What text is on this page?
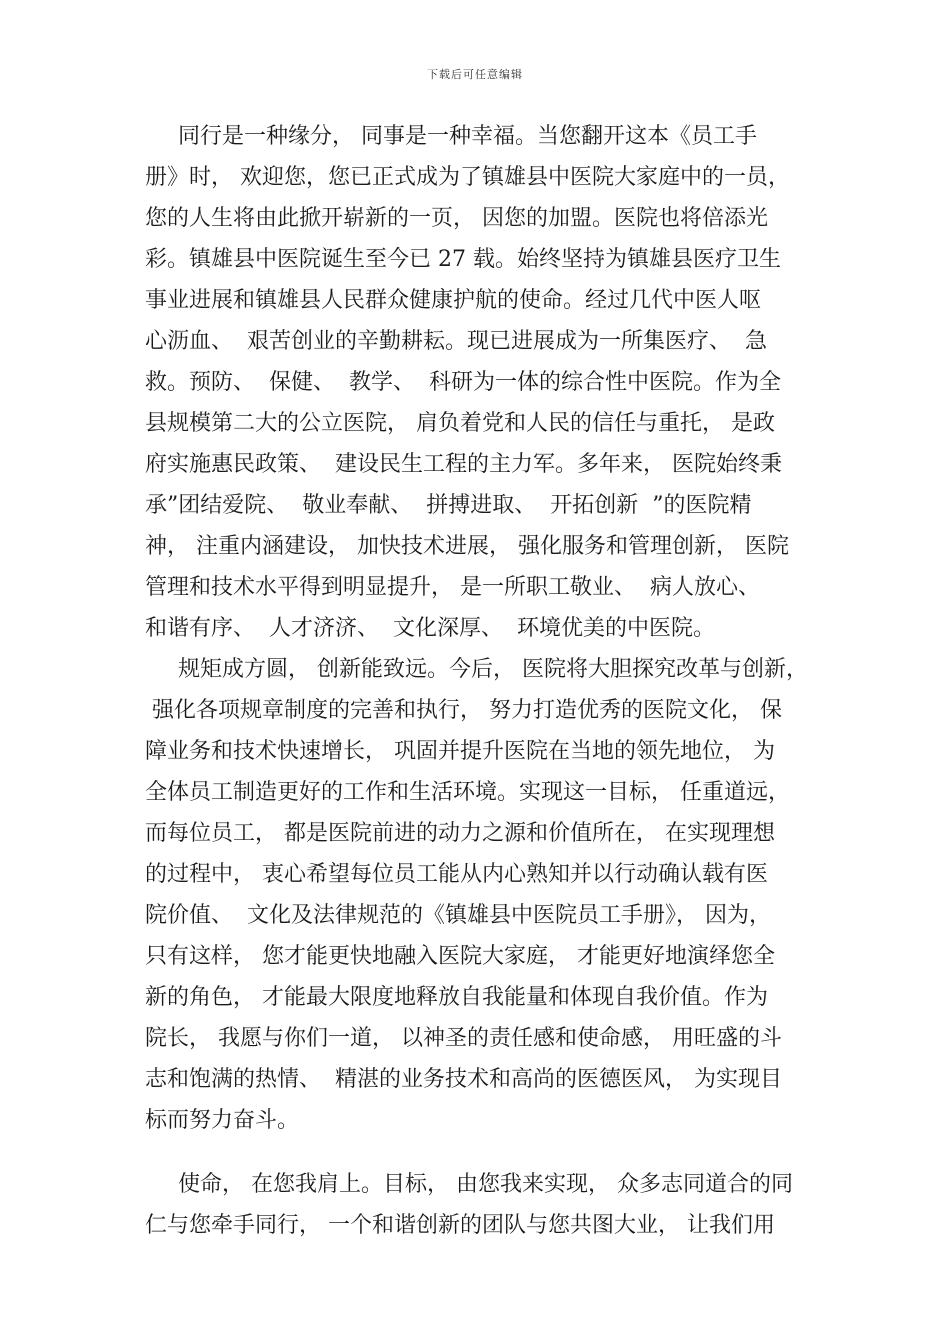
下载后可任意编辑
同行是一种缘分， 同事是一种幸福。当您翻开这本《员工手
册》时， 欢迎您，您已正式成为了镇雄县中医院大家庭中的一员，
您的人生将由此掀开崭新的一页， 因您的加盟。医院也将倍添光
彩。镇雄县中医院诞生至今已 27 载。始终坚持为镇雄县医疗卫生
事业进展和镇雄县人民群众健康护航的使命。经过几代中医人呕
心沥血、  艰苦创业的辛勤耕耘。现已进展成为一所集医疗、  急
救。预防、  保健、  教学、  科研为一体的综合性中医院。作为全
县规模第二大的公立医院， 肩负着党和人民的信任与重托， 是政
府实施惠民政策、  建设民生工程的主力军。多年来， 医院始终秉
承”团结爱院、  敬业奉献、  拼搏进取、  开拓创新  ”的医院精
神， 注重内涵建设， 加快技术进展， 强化服务和管理创新， 医院
管理和技术水平得到明显提升， 是一所职工敬业、  病人放心、
和谐有序、  人才济济、  文化深厚、  环境优美的中医院。
规矩成方圆， 创新能致远。今后， 医院将大胆探究改革与创新，
强化各项规章制度的完善和执行， 努力打造优秀的医院文化， 保
障业务和技术快速增长， 巩固并提升医院在当地的领先地位， 为
全体员工制造更好的工作和生活环境。实现这一目标， 任重道远，
而每位员工， 都是医院前进的动力之源和价值所在， 在实现理想
的过程中， 衷心希望每位员工能从内心熟知并以行动确认载有医
院价值、  文化及法律规范的《镇雄县中医院员工手册》， 因为，
只有这样， 您才能更快地融入医院大家庭， 才能更好地演绎您全
新的角色， 才能最大限度地释放自我能量和体现自我价值。作为
院长， 我愿与你们一道， 以神圣的责任感和使命感， 用旺盛的斗
志和饱满的热情、  精湛的业务技术和高尚的医德医风， 为实现目
标而努力奋斗。
使命， 在您我肩上。目标， 由您我来实现， 众多志同道合的同
仁与您牵手同行， 一个和谐创新的团队与您共图大业， 让我们用
